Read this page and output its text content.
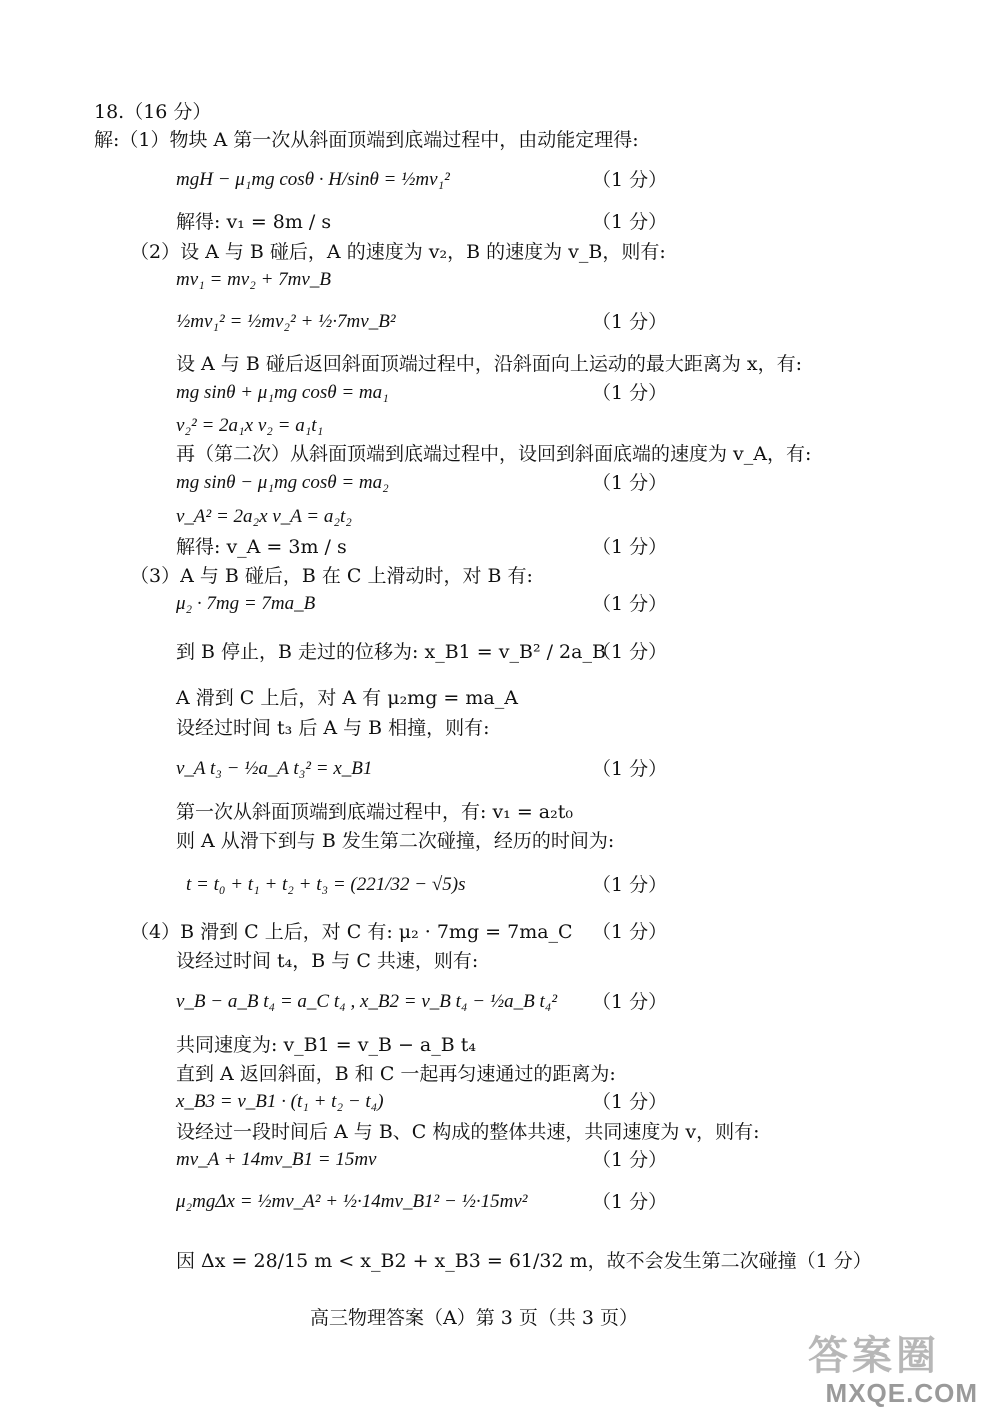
18.（16 分）
解:（1）物块 A 第一次从斜面顶端到底端过程中，由动能定理得:
mgH − μ₁mg cosθ · H/sinθ = ½mv₁²	（1 分）
解得: v₁ = 8m / s	（1 分）
（2）设 A 与 B 碰后，A 的速度为 v₂，B 的速度为 v_B，则有:
mv₁ = mv₂ + 7mv_B
½mv₁² = ½mv₂² + ½·7mv_B²	（1 分）
设 A 与 B 碰后返回斜面顶端过程中，沿斜面向上运动的最大距离为 x，有:
mg sinθ + μ₁mg cosθ = ma₁	（1 分）
v₂² = 2a₁x v₂ = a₁t₁
再（第二次）从斜面顶端到底端过程中，设回到斜面底端的速度为 v_A，有:
mg sinθ − μ₁mg cosθ = ma₂	（1 分）
v_A² = 2a₂x v_A = a₂t₂
解得: v_A = 3m / s	（1 分）
（3）A 与 B 碰后，B 在 C 上滑动时，对 B 有:
μ₂ · 7mg = 7ma_B	（1 分）
到 B 停止，B 走过的位移为: x_B1 = v_B² / 2a_B
（1 分）
A 滑到 C 上后，对 A 有 μ₂mg = ma_A
设经过时间 t₃ 后 A 与 B 相撞，则有:
v_A t₃ − ½a_A t₃² = x_B1	（1 分）
第一次从斜面顶端到底端过程中，有: v₁ = a₂t₀
则 A 从滑下到与 B 发生第二次碰撞，经历的时间为:
t = t₀ + t₁ + t₂ + t₃ = (221/32 − √5)s	（1 分）
（4）B 滑到 C 上后，对 C 有: μ₂ · 7mg = 7ma_C （1 分）
设经过时间 t₄，B 与 C 共速，则有:
v_B − a_B t₄ = a_C t₄ , x_B2 = v_B t₄ − ½a_B t₄² （1 分）
共同速度为: v_B1 = v_B − a_B t₄
直到 A 返回斜面，B 和 C 一起再匀速通过的距离为:
x_B3 = v_B1 · (t₁ + t₂ − t₄)	（1 分）
设经过一段时间后 A 与 B、C 构成的整体共速，共同速度为 v，则有:
mv_A + 14mv_B1 = 15mv	（1 分）
μ₂mgΔx = ½mv_A² + ½·14mv_B1² − ½·15mv²	（1 分）
因 Δx = 28/15 m < x_B2 + x_B3 = 61/32 m，故不会发生第二次碰撞（1 分）
高三物理答案（A）第 3 页（共 3 页）
答案圈
MXQE.COM
